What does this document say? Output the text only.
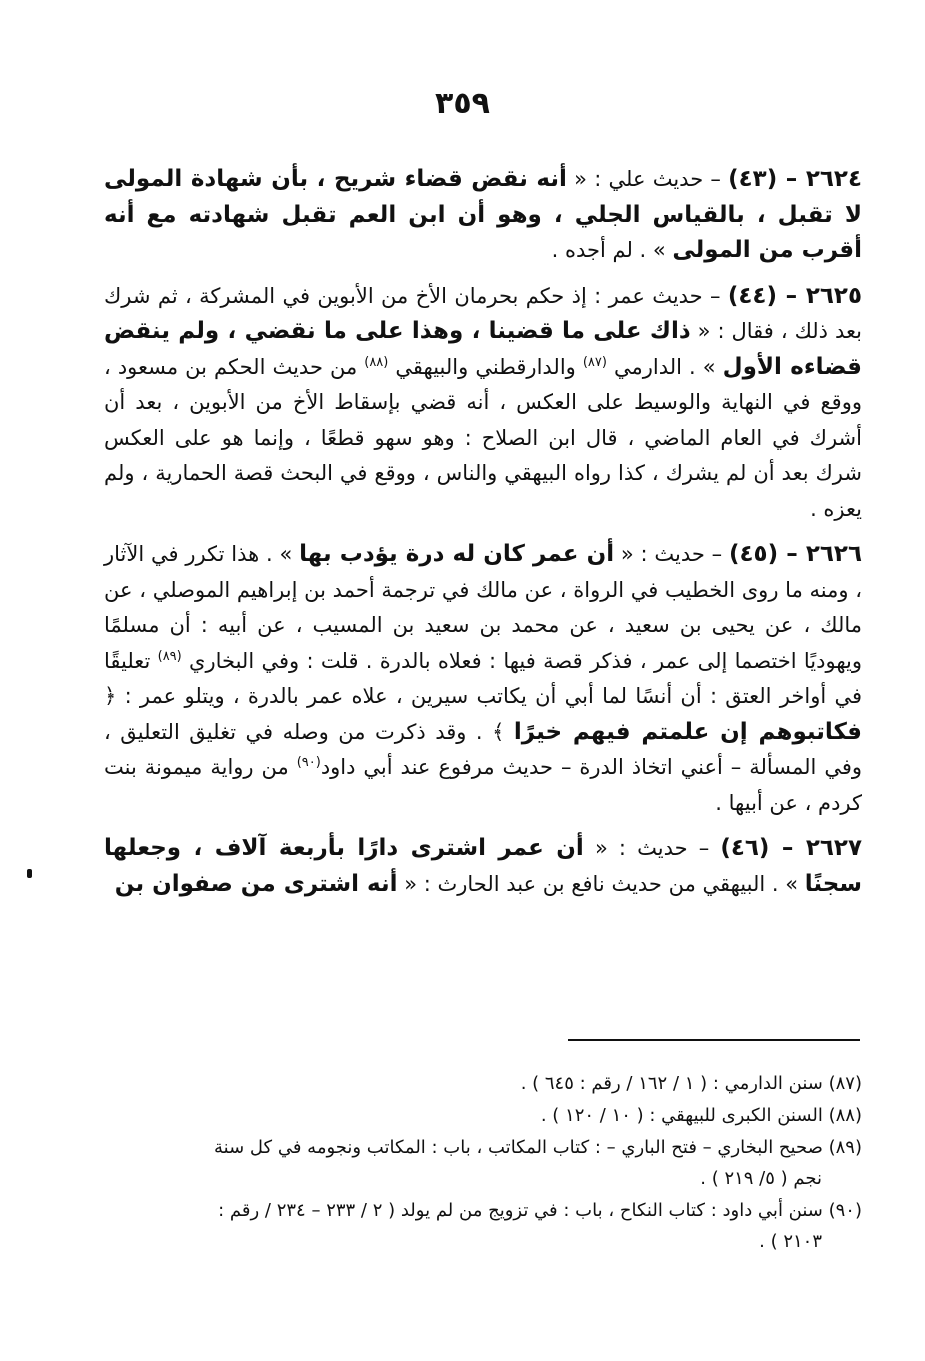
٣٥٩

٢٦٢٤ – (٤٣) – حديث علي : « أنه نقض قضاء شريح ، بأن شهادة المولى لا تقبل ، بالقياس الجلي ، وهو أن ابن العم تقبل شهادته مع أنه أقرب من المولى » . لم أجده .

٢٦٢٥ – (٤٤) – حديث عمر : إذ حكم بحرمان الأخ من الأبوين في المشركة ، ثم شرك بعد ذلك ، فقال : « ذاك على ما قضينا ، وهذا على ما نقضي ، ولم ينقض قضاءه الأول » . الدارمي $^{(٨٧)}$ والدارقطني والبيهقي $^{(٨٨)}$ من حديث الحكم بن مسعود ، ووقع في النهاية والوسيط على العكس ، أنه قضي بإسقاط الأخ من الأبوين ، بعد أن أشرك في العام الماضي ، قال ابن الصلاح : وهو سهو قطعًا ، وإنما هو على العكس شرك بعد أن لم يشرك ، كذا رواه البيهقي والناس ، ووقع في البحث قصة الحمارية ، ولم يعزه .

٢٦٢٦ – (٤٥) – حديث : « أن عمر كان له درة يؤدب بها » . هذا تكرر في الآثار ، ومنه ما روى الخطيب في الرواة ، عن مالك في ترجمة أحمد بن إبراهيم الموصلي ، عن مالك ، عن يحيى بن سعيد ، عن محمد بن سعيد بن المسيب ، عن أبيه : أن مسلمًا ويهوديًا اختصما إلى عمر ، فذكر قصة فيها : فعلاه بالدرة . قلت : وفي البخاري $^{(٨٩)}$ تعليقًا في أواخر العتق : أن أنسًا لما أبي أن يكاتب سيرين ، علاه عمر بالدرة ، ويتلو عمر : ﴿ فكاتبوهم إن علمتم فيهم خيرًا ﴾ . وقد ذكرت من وصله في تغليق التعليق ، وفي المسألة – أعني اتخاذ الدرة – حديث مرفوع عند أبي داود$^{(٩٠)}$ من رواية ميمونة بنت كردم ، عن أبيها .

٢٦٢٧ – (٤٦) – حديث : « أن عمر اشترى دارًا بأربعة آلاف ، وجعلها سجنًا » . البيهقي من حديث نافع بن عبد الحارث : « أنه اشترى من صفوان بن

(٨٧) سنن الدارمي : ( ١ / ١٦٢ / رقم : ٦٤٥ ) .
(٨٨) السنن الكبرى للبيهقي : ( ١٠ / ١٢٠ ) .
(٨٩) صحيح البخاري – فتح الباري – : كتاب المكاتب ، باب : المكاتب ونجومه في كل سنة
نجم ( ٥/ ٢١٩ ) .
(٩٠) سنن أبي داود : كتاب النكاح ، باب : في تزويج من لم يولد ( ٢ / ٢٣٣ – ٢٣٤ / رقم :
٢١٠٣ ) .
